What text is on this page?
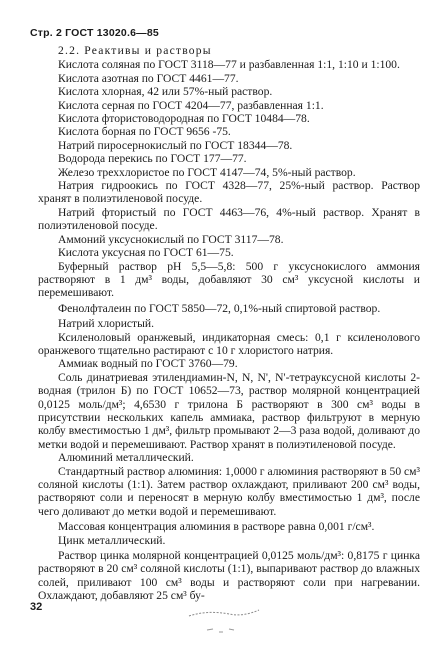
Стр. 2 ГОСТ 13020.6—85

2.2. Реактивы и растворы

Кислота соляная по ГОСТ 3118—77 и разбавленная 1:1, 1:10 и 1:100.

Кислота азотная по ГОСТ 4461—77.

Кислота хлорная, 42 или 57%-ный раствор.

Кислота серная по ГОСТ 4204—77, разбавленная 1:1.

Кислота фтористоводородная по ГОСТ 10484—78.

Кислота борная по ГОСТ 9656 -75.

Натрий пиросернокислый по ГОСТ 18344—78.

Водорода перекись по ГОСТ 177—77.

Железо треххлористое по ГОСТ 4147—74, 5%-ный раствор.

Натрия гидроокись по ГОСТ 4328—77, 25%-ный раствор. Раствор хранят в полиэтиленовой посуде.

Натрий фтористый по ГОСТ 4463—76, 4%-ный раствор. Хранят в полиэтиленовой посуде.

Аммоний уксуснокислый по ГОСТ 3117—78.

Кислота уксусная по ГОСТ 61—75.

Буферный раствор pH 5,5—5,8: 500 г уксуснокислого аммония растворяют в 1 дм³ воды, добавляют 30 см³ уксусной кислоты и перемешивают.

Фенолфталеин по ГОСТ 5850—72, 0,1%-ный спиртовой раствор.

Натрий хлористый.

Ксиленоловый оранжевый, индикаторная смесь: 0,1 г ксиленолового оранжевого тщательно растирают с 10 г хлористого натрия.

Аммиак водный по ГОСТ 3760—79.

Соль динатриевая этилендиамин-N, N, N', N'-тетрауксусной кислоты 2-водная (трилон Б) по ГОСТ 10652—73, раствор молярной концентрацией 0,0125 моль/дм³; 4,6530 г трилона Б растворяют в 300 см³ воды в присутствии нескольких капель аммиака, раствор фильтруют в мерную колбу вместимостью 1 дм³, фильтр промывают 2—3 раза водой, доливают до метки водой и перемешивают. Раствор хранят в полиэтиленовой посуде.

Алюминий металлический.

Стандартный раствор алюминия: 1,0000 г алюминия растворяют в 50 см³ соляной кислоты (1:1). Затем раствор охлаждают, приливают 200 см³ воды, растворяют соли и переносят в мерную колбу вместимостью 1 дм³, после чего доливают до метки водой и перемешивают.

Массовая концентрация алюминия в растворе равна 0,001 г/см³.

Цинк металлический.

Раствор цинка молярной концентрацией 0,0125 моль/дм³: 0,8175 г цинка растворяют в 20 см³ соляной кислоты (1:1), выпаривают раствор до влажных солей, приливают 100 см³ воды и растворяют соли при нагревании. Охлаждают, добавляют 25 см³ бу-

32
